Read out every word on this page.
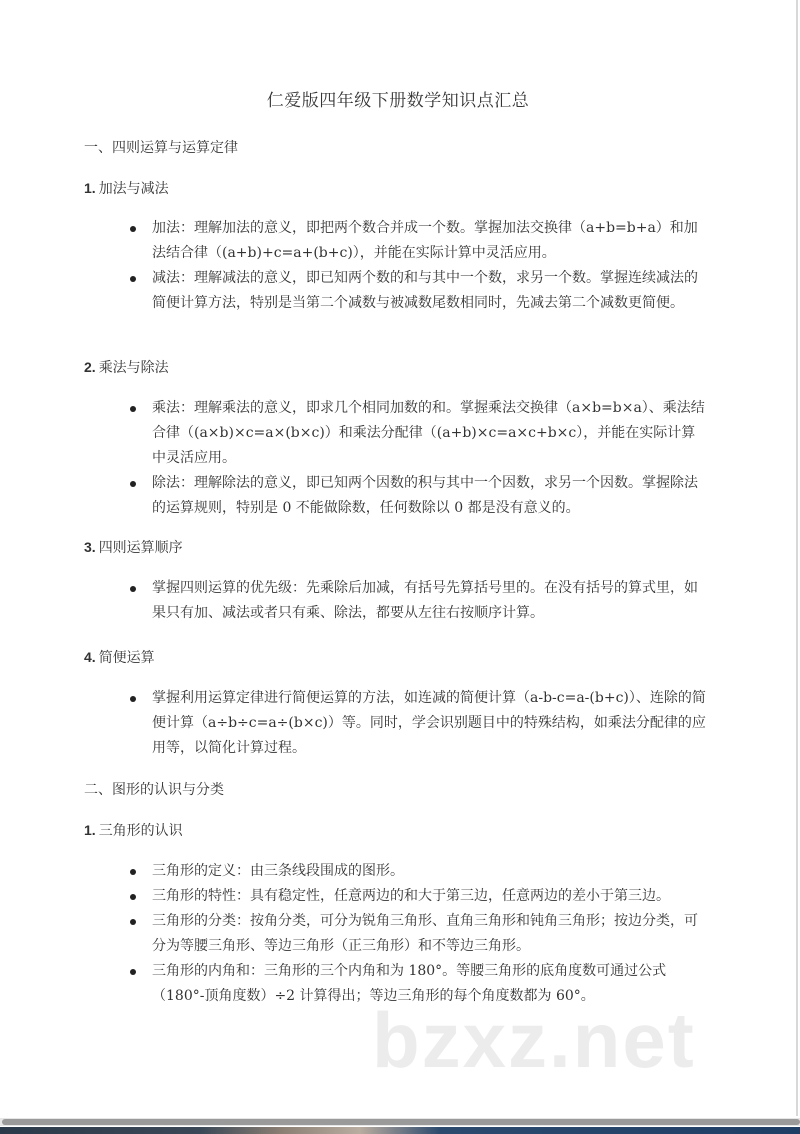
仁爱版四年级下册数学知识点汇总
一、四则运算与运算定律
1. 加法与减法
加法：理解加法的意义，即把两个数合并成一个数。掌握加法交换律（a+b=b+a）和加法结合律（(a+b)+c=a+(b+c)），并能在实际计算中灵活应用。
减法：理解减法的意义，即已知两个数的和与其中一个数，求另一个数。掌握连续减法的简便计算方法，特别是当第二个减数与被减数尾数相同时，先减去第二个减数更简便。
2. 乘法与除法
乘法：理解乘法的意义，即求几个相同加数的和。掌握乘法交换律（a×b=b×a）、乘法结合律（(a×b)×c=a×(b×c)）和乘法分配律（(a+b)×c=a×c+b×c），并能在实际计算中灵活应用。
除法：理解除法的意义，即已知两个因数的积与其中一个因数，求另一个因数。掌握除法的运算规则，特别是 0 不能做除数，任何数除以 0 都是没有意义的。
3. 四则运算顺序
掌握四则运算的优先级：先乘除后加减，有括号先算括号里的。在没有括号的算式里，如果只有加、减法或者只有乘、除法，都要从左往右按顺序计算。
4. 简便运算
掌握利用运算定律进行简便运算的方法，如连减的简便计算（a-b-c=a-(b+c)）、连除的简便计算（a÷b÷c=a÷(b×c)）等。同时，学会识别题目中的特殊结构，如乘法分配律的应用等，以简化计算过程。
二、图形的认识与分类
1. 三角形的认识
三角形的定义：由三条线段围成的图形。
三角形的特性：具有稳定性，任意两边的和大于第三边，任意两边的差小于第三边。
三角形的分类：按角分类，可分为锐角三角形、直角三角形和钝角三角形；按边分类，可分为等腰三角形、等边三角形（正三角形）和不等边三角形。
三角形的内角和：三角形的三个内角和为 180°。等腰三角形的底角度数可通过公式（180°-顶角度数）÷2 计算得出；等边三角形的每个角度数都为 60°。
bzxz.net
